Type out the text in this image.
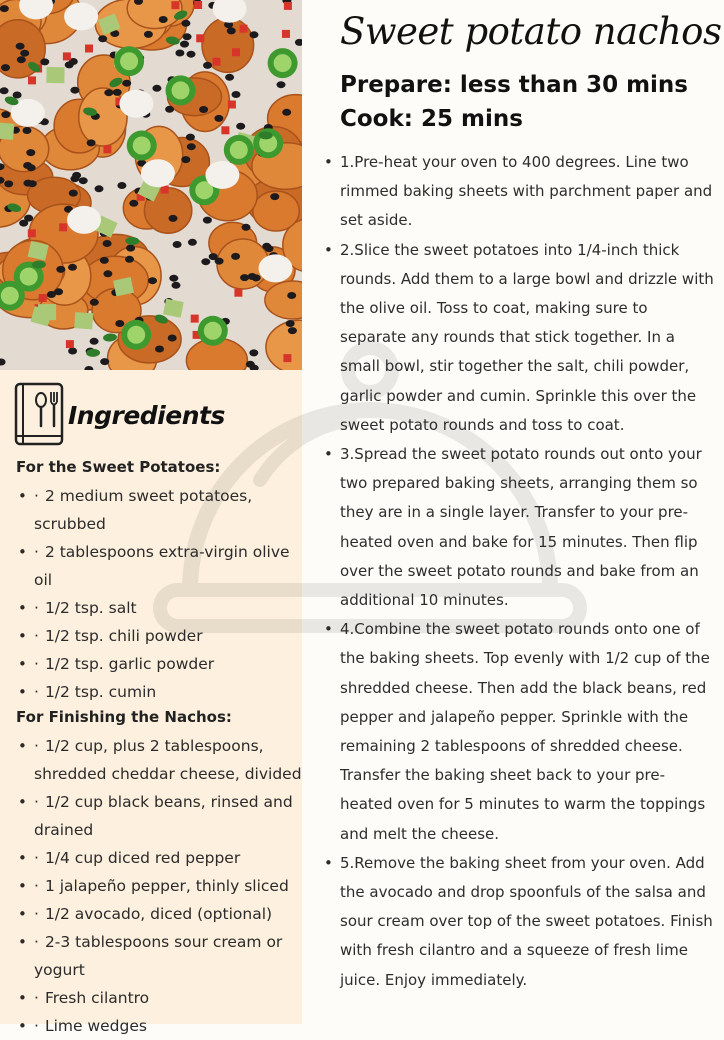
Ingredients

For the Sweet Potatoes:

• · 2 medium sweet potatoes, scrubbed
• · 2 tablespoons extra-virgin olive oil
• · 1/2 tsp. salt
• · 1/2 tsp. chili powder
• · 1/2 tsp. garlic powder
• · 1/2 tsp. cumin

For Finishing the Nachos:

• · 1/2 cup, plus 2 tablespoons, shredded cheddar cheese, divided
• · 1/2 cup black beans, rinsed and drained
• · 1/4 cup diced red pepper
• · 1 jalapeño pepper, thinly sliced
• · 1/2 avocado, diced (optional)
• · 2-3 tablespoons sour cream or yogurt
• · Fresh cilantro
• · Lime wedges
Sweet potato nachos
Prepare: less than 30 mins
Cook: 25 mins
• 1.Pre-heat your oven to 400 degrees. Line two rimmed baking sheets with parchment paper and set aside.
• 2.Slice the sweet potatoes into 1/4-inch thick rounds. Add them to a large bowl and drizzle with the olive oil. Toss to coat, making sure to separate any rounds that stick together. In a small bowl, stir together the salt, chili powder, garlic powder and cumin. Sprinkle this over the sweet potato rounds and toss to coat.
• 3.Spread the sweet potato rounds out onto your two prepared baking sheets, arranging them so they are in a single layer. Transfer to your pre-heated oven and bake for 15 minutes. Then flip over the sweet potato rounds and bake from an additional 10 minutes.
• 4.Combine the sweet potato rounds onto one of the baking sheets. Top evenly with 1/2 cup of the shredded cheese. Then add the black beans, red pepper and jalapeño pepper. Sprinkle with the remaining 2 tablespoons of shredded cheese. Transfer the baking sheet back to your pre-heated oven for 5 minutes to warm the toppings and melt the cheese.
• 5.Remove the baking sheet from your oven. Add the avocado and drop spoonfuls of the salsa and sour cream over top of the sweet potatoes. Finish with fresh cilantro and a squeeze of fresh lime juice. Enjoy immediately.
